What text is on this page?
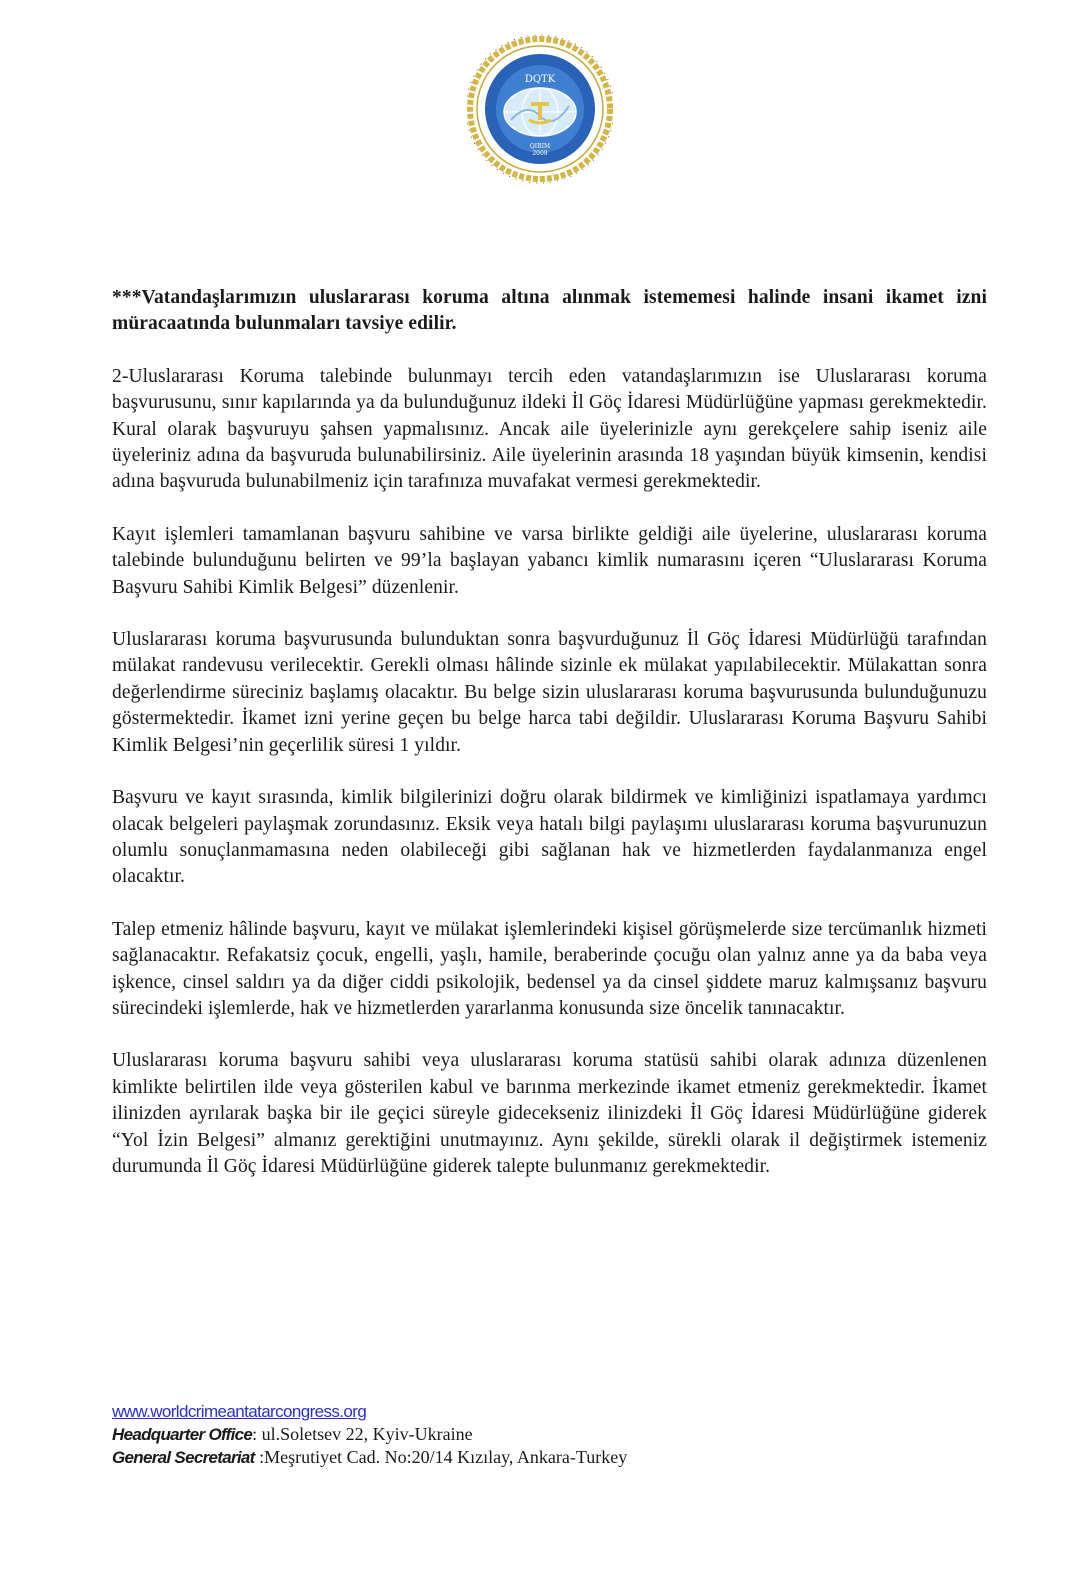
DQTK
QIRIM
2009

***Vatandaşlarımızın uluslararası koruma altına alınmak istememesi halinde insani ikamet izni müracaatında bulunmaları tavsiye edilir.

2-Uluslararası Koruma talebinde bulunmayı tercih eden vatandaşlarımızın ise Uluslararası koruma başvurusunu, sınır kapılarında ya da bulunduğunuz ildeki İl Göç İdaresi Müdürlüğüne yapması gerekmektedir. Kural olarak başvuruyu şahsen yapmalısınız. Ancak aile üyelerinizle aynı gerekçelere sahip iseniz aile üyeleriniz adına da başvuruda bulunabilirsiniz. Aile üyelerinin arasında 18 yaşından büyük kimsenin, kendisi adına başvuruda bulunabilmeniz için tarafınıza muvafakat vermesi gerekmektedir.

Kayıt işlemleri tamamlanan başvuru sahibine ve varsa birlikte geldiği aile üyelerine, uluslararası koruma talebinde bulunduğunu belirten ve 99’la başlayan yabancı kimlik numarasını içeren “Uluslararası Koruma Başvuru Sahibi Kimlik Belgesi” düzenlenir.

Uluslararası koruma başvurusunda bulunduktan sonra başvurduğunuz İl Göç İdaresi Müdürlüğü tarafından mülakat randevusu verilecektir. Gerekli olması hâlinde sizinle ek mülakat yapılabilecektir. Mülakattan sonra değerlendirme süreciniz başlamış olacaktır. Bu belge sizin uluslararası koruma başvurusunda bulunduğunuzu göstermektedir. İkamet izni yerine geçen bu belge harca tabi değildir. Uluslararası Koruma Başvuru Sahibi Kimlik Belgesi’nin geçerlilik süresi 1 yıldır.

Başvuru ve kayıt sırasında, kimlik bilgilerinizi doğru olarak bildirmek ve kimliğinizi ispatlamaya yardımcı olacak belgeleri paylaşmak zorundasınız. Eksik veya hatalı bilgi paylaşımı uluslararası koruma başvurunuzun olumlu sonuçlanmamasına neden olabileceği gibi sağlanan hak ve hizmetlerden faydalanmanıza engel olacaktır.

Talep etmeniz hâlinde başvuru, kayıt ve mülakat işlemlerindeki kişisel görüşmelerde size tercümanlık hizmeti sağlanacaktır. Refakatsiz çocuk, engelli, yaşlı, hamile, beraberinde çocuğu olan yalnız anne ya da baba veya işkence, cinsel saldırı ya da diğer ciddi psikolojik, bedensel ya da cinsel şiddete maruz kalmışsanız başvuru sürecindeki işlemlerde, hak ve hizmetlerden yararlanma konusunda size öncelik tanınacaktır.

Uluslararası koruma başvuru sahibi veya uluslararası koruma statüsü sahibi olarak adınıza düzenlenen kimlikte belirtilen ilde veya gösterilen kabul ve barınma merkezinde ikamet etmeniz gerekmektedir. İkamet ilinizden ayrılarak başka bir ile geçici süreyle gidecekseniz ilinizdeki İl Göç İdaresi Müdürlüğüne giderek “Yol İzin Belgesi” almanız gerektiğini unutmayınız. Aynı şekilde, sürekli olarak il değiştirmek istemeniz durumunda İl Göç İdaresi Müdürlüğüne giderek talepte bulunmanız gerekmektedir.

www.worldcrimeantatarcongress.org
Headquarter Office: ul.Soletsev 22, Kyiv-Ukraine
General Secretariat :Meşrutiyet Cad. No:20/14 Kızılay, Ankara-Turkey
